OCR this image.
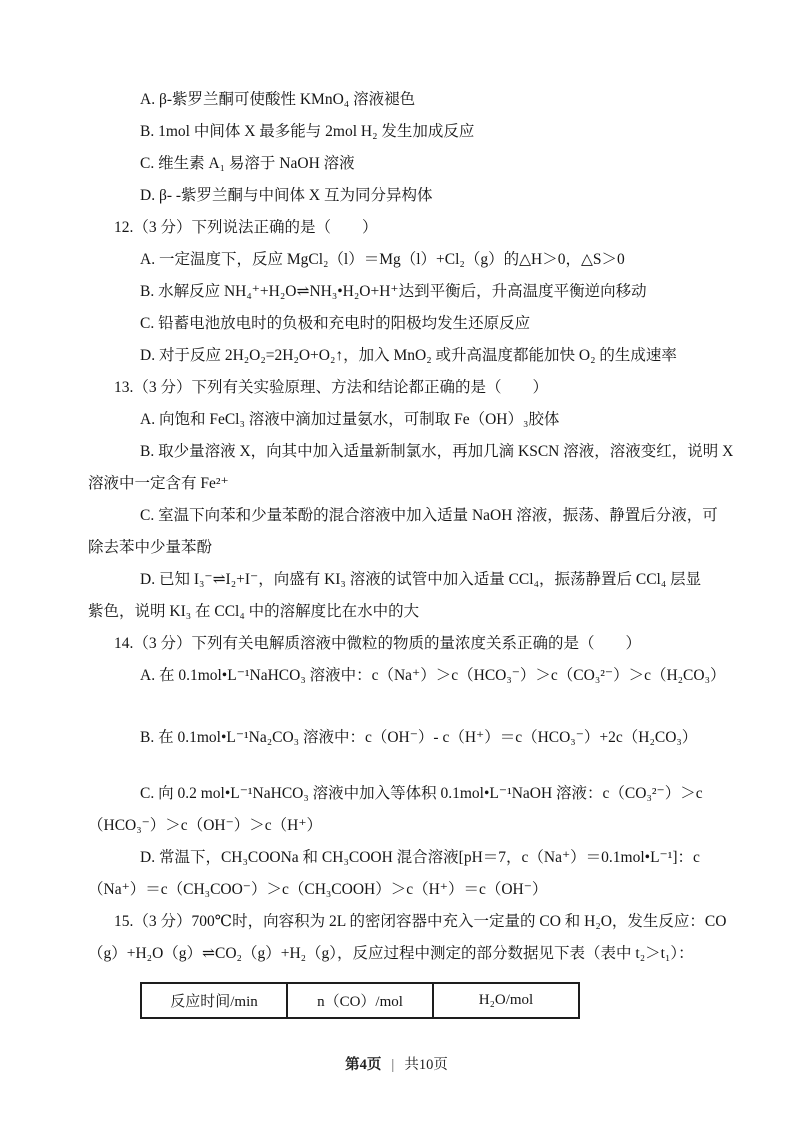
A. β-紫罗兰酮可使酸性 KMnO₄ 溶液褪色

B. 1mol 中间体 X 最多能与 2mol H₂ 发生加成反应

C. 维生素 A₁ 易溶于 NaOH 溶液

D. β- -紫罗兰酮与中间体 X 互为同分异构体

12.（3 分）下列说法正确的是（　　）

A. 一定温度下，反应 MgCl₂（l）＝Mg（l）+Cl₂（g）的△H＞0，△S＞0

B. 水解反应 NH₄⁺+H₂O⇌NH₃•H₂O+H⁺达到平衡后，升高温度平衡逆向移动

C. 铅蓄电池放电时的负极和充电时的阳极均发生还原反应

D. 对于反应 2H₂O₂=2H₂O+O₂↑，加入 MnO₂ 或升高温度都能加快 O₂ 的生成速率

13.（3 分）下列有关实验原理、方法和结论都正确的是（　　）

A. 向饱和 FeCl₃ 溶液中滴加过量氨水，可制取 Fe（OH）₃胶体

B. 取少量溶液 X，向其中加入适量新制氯水，再加几滴 KSCN 溶液，溶液变红，说明 X

溶液中一定含有 Fe²⁺

C. 室温下向苯和少量苯酚的混合溶液中加入适量 NaOH 溶液，振荡、静置后分液，可

除去苯中少量苯酚

D. 已知 I₃⁻⇌I₂+I⁻，向盛有 KI₃ 溶液的试管中加入适量 CCl₄，振荡静置后 CCl₄ 层显

紫色，说明 KI₃ 在 CCl₄ 中的溶解度比在水中的大

14.（3 分）下列有关电解质溶液中微粒的物质的量浓度关系正确的是（　　）

A. 在 0.1mol•L⁻¹NaHCO₃ 溶液中：c（Na⁺）＞c（HCO₃⁻）＞c（CO₃²⁻）＞c（H₂CO₃）

B. 在 0.1mol•L⁻¹Na₂CO₃ 溶液中：c（OH⁻）- c（H⁺）＝c（HCO₃⁻）+2c（H₂CO₃）

C. 向 0.2 mol•L⁻¹NaHCO₃ 溶液中加入等体积 0.1mol•L⁻¹NaOH 溶液：c（CO₃²⁻）＞c

（HCO₃⁻）＞c（OH⁻）＞c（H⁺）

D. 常温下，CH₃COONa 和 CH₃COOH 混合溶液[pH＝7，c（Na⁺）＝0.1mol•L⁻¹]：c

（Na⁺）＝c（CH₃COO⁻）＞c（CH₃COOH）＞c（H⁺）＝c（OH⁻）

15.（3 分）700℃时，向容积为 2L 的密闭容器中充入一定量的 CO 和 H₂O，发生反应：CO

（g）+H₂O（g）⇌CO₂（g）+H₂（g），反应过程中测定的部分数据见下表（表中 t₂＞t₁）：

反应时间/min	n（CO）/mol	H₂O/mol
第4页 | 共10页
